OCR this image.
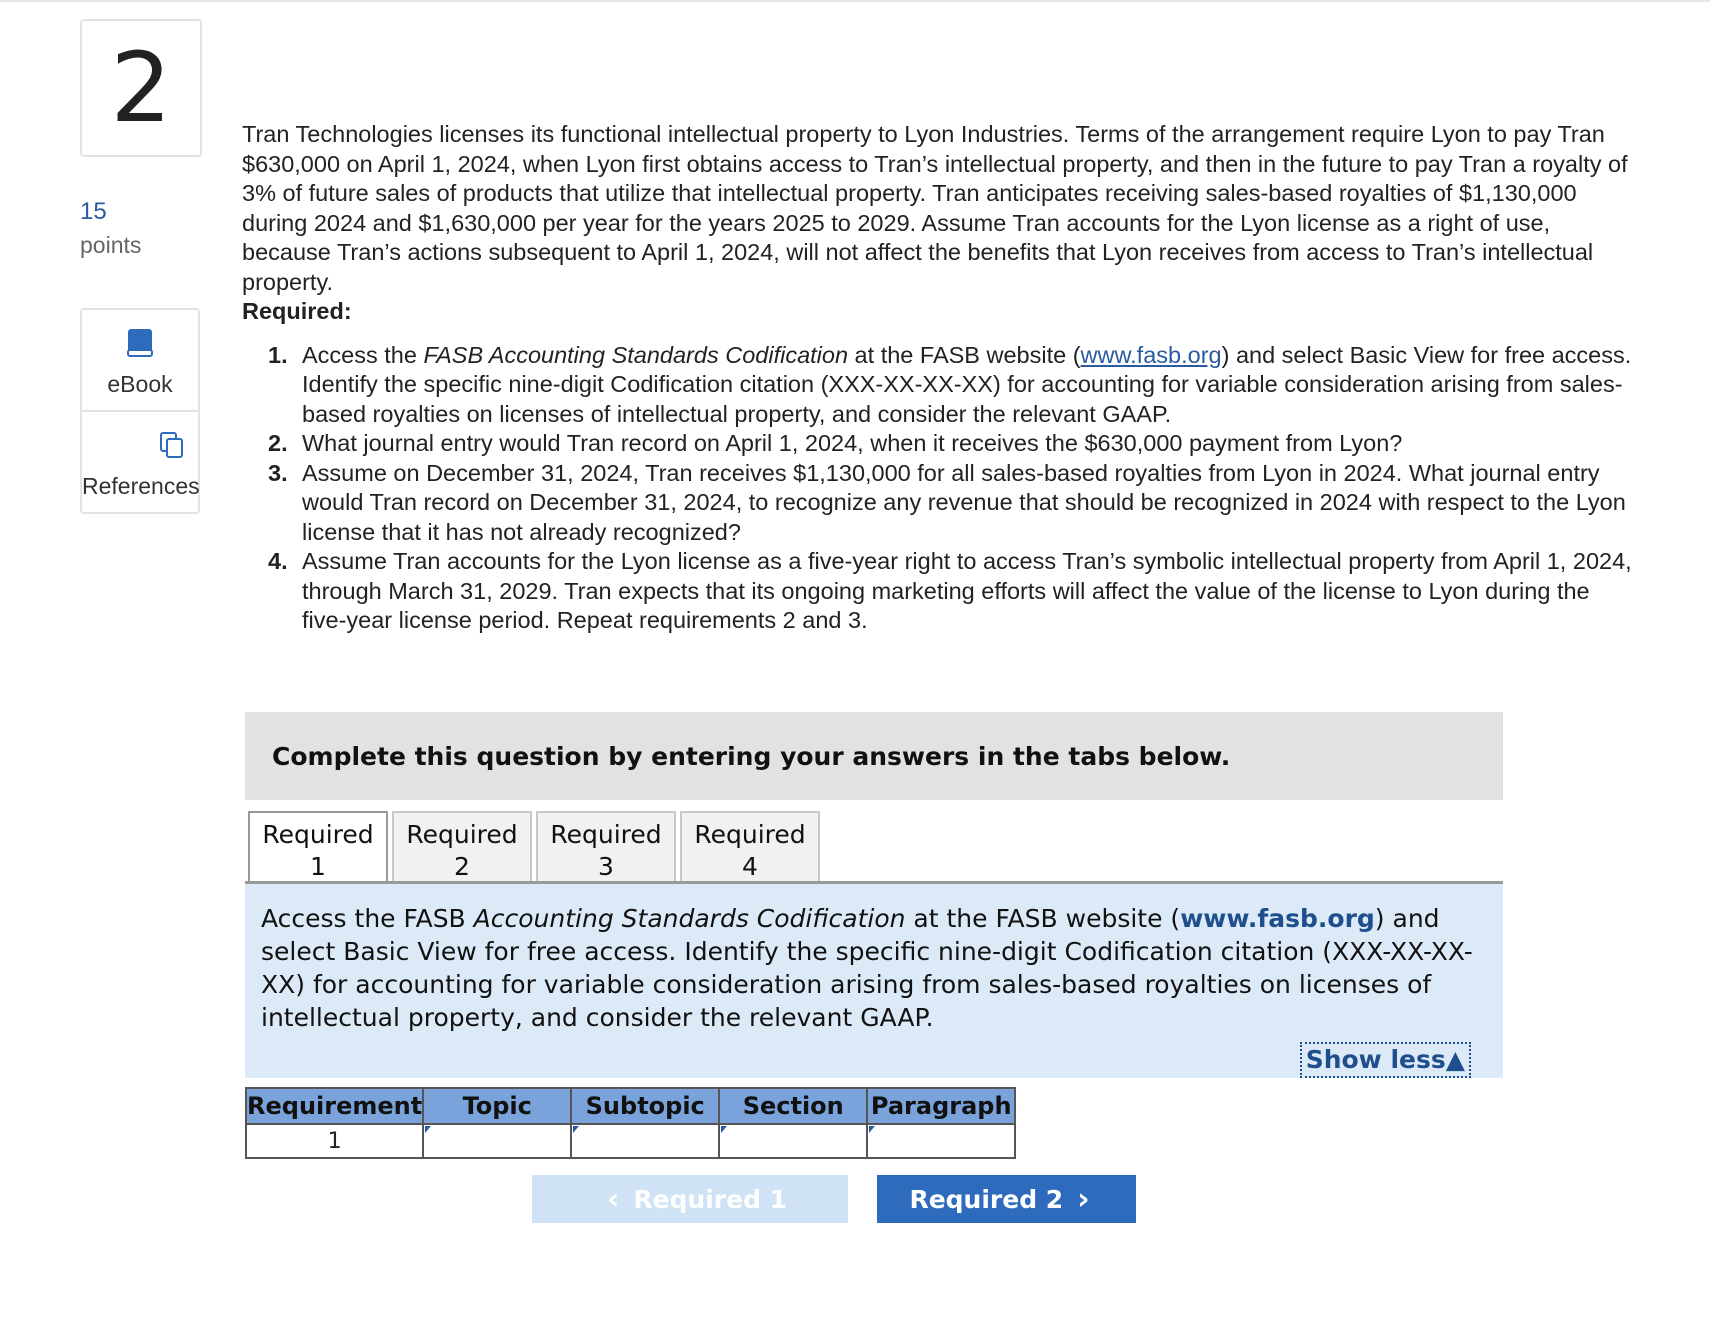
2
15
points
eBook
References

Tran Technologies licenses its functional intellectual property to Lyon Industries. Terms of the arrangement require Lyon to pay Tran $630,000 on April 1, 2024, when Lyon first obtains access to Tran’s intellectual property, and then in the future to pay Tran a royalty of 3% of future sales of products that utilize that intellectual property. Tran anticipates receiving sales-based royalties of $1,130,000 during 2024 and $1,630,000 per year for the years 2025 to 2029. Assume Tran accounts for the Lyon license as a right of use, because Tran’s actions subsequent to April 1, 2024, will not affect the benefits that Lyon receives from access to Tran’s intellectual property.

Required:

1. Access the FASB Accounting Standards Codification at the FASB website (www.fasb.org) and select Basic View for free access. Identify the specific nine-digit Codification citation (XXX-XX-XX-XX) for accounting for variable consideration arising from sales-based royalties on licenses of intellectual property, and consider the relevant GAAP.
2. What journal entry would Tran record on April 1, 2024, when it receives the $630,000 payment from Lyon?
3. Assume on December 31, 2024, Tran receives $1,130,000 for all sales-based royalties from Lyon in 2024. What journal entry would Tran record on December 31, 2024, to recognize any revenue that should be recognized in 2024 with respect to the Lyon license that it has not already recognized?
4. Assume Tran accounts for the Lyon license as a five-year right to access Tran’s symbolic intellectual property from April 1, 2024, through March 31, 2029. Tran expects that its ongoing marketing efforts will affect the value of the license to Lyon during the five-year license period. Repeat requirements 2 and 3.
Complete this question by entering your answers in the tabs below.
Required
1
Required
2
Required
3
Required
4
Access the FASB Accounting Standards Codification at the FASB website (www.fasb.org) and select Basic View for free access. Identify the specific nine-digit Codification citation (XXX-XX-XX-XX) for accounting for variable consideration arising from sales-based royalties on licenses of intellectual property, and consider the relevant GAAP.
Show less▲
Requirement	Topic	Subtopic	Section	Paragraph
1				
‹ Required 1	Required 2 ›
